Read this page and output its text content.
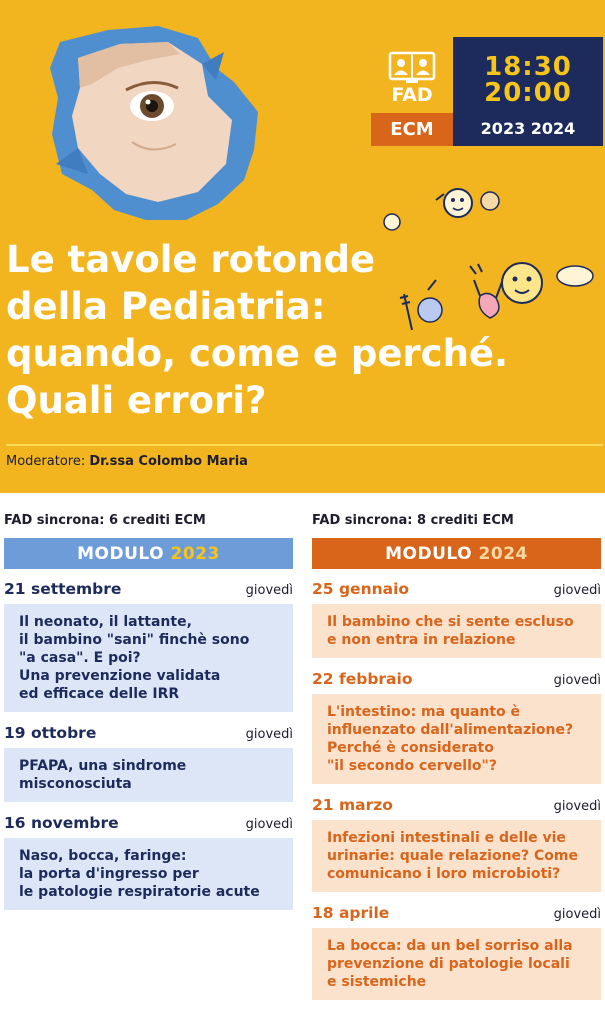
FAD
ECM
18:30
20:00
2023 2024
Le tavole rotonde
della Pediatria:
quando, come e perché.
Quali errori?
Moderatore: Dr.ssa Colombo Maria
FAD sincrona: 6 crediti ECM
MODULO
2023
21 settembre	giovedì
Il neonato, il lattante,
il bambino "sani" finchè sono
"a casa". E poi?
Una prevenzione validata
ed efficace delle IRR
19 ottobre	giovedì
PFAPA, una sindrome
misconosciuta
16 novembre	giovedì
Naso, bocca, faringe:
la porta d'ingresso per
le patologie respiratorie acute
FAD sincrona: 8 crediti ECM
MODULO
2024
25 gennaio	giovedì
Il bambino che si sente escluso
e non entra in relazione
22 febbraio	giovedì
L'intestino: ma quanto è
influenzato dall'alimentazione?
Perché è considerato
"il secondo cervello"?
21 marzo	giovedì
Infezioni intestinali e delle vie
urinarie: quale relazione? Come
comunicano i loro microbioti?
18 aprile	giovedì
La bocca: da un bel sorriso alla
prevenzione di patologie locali
e sistemiche
